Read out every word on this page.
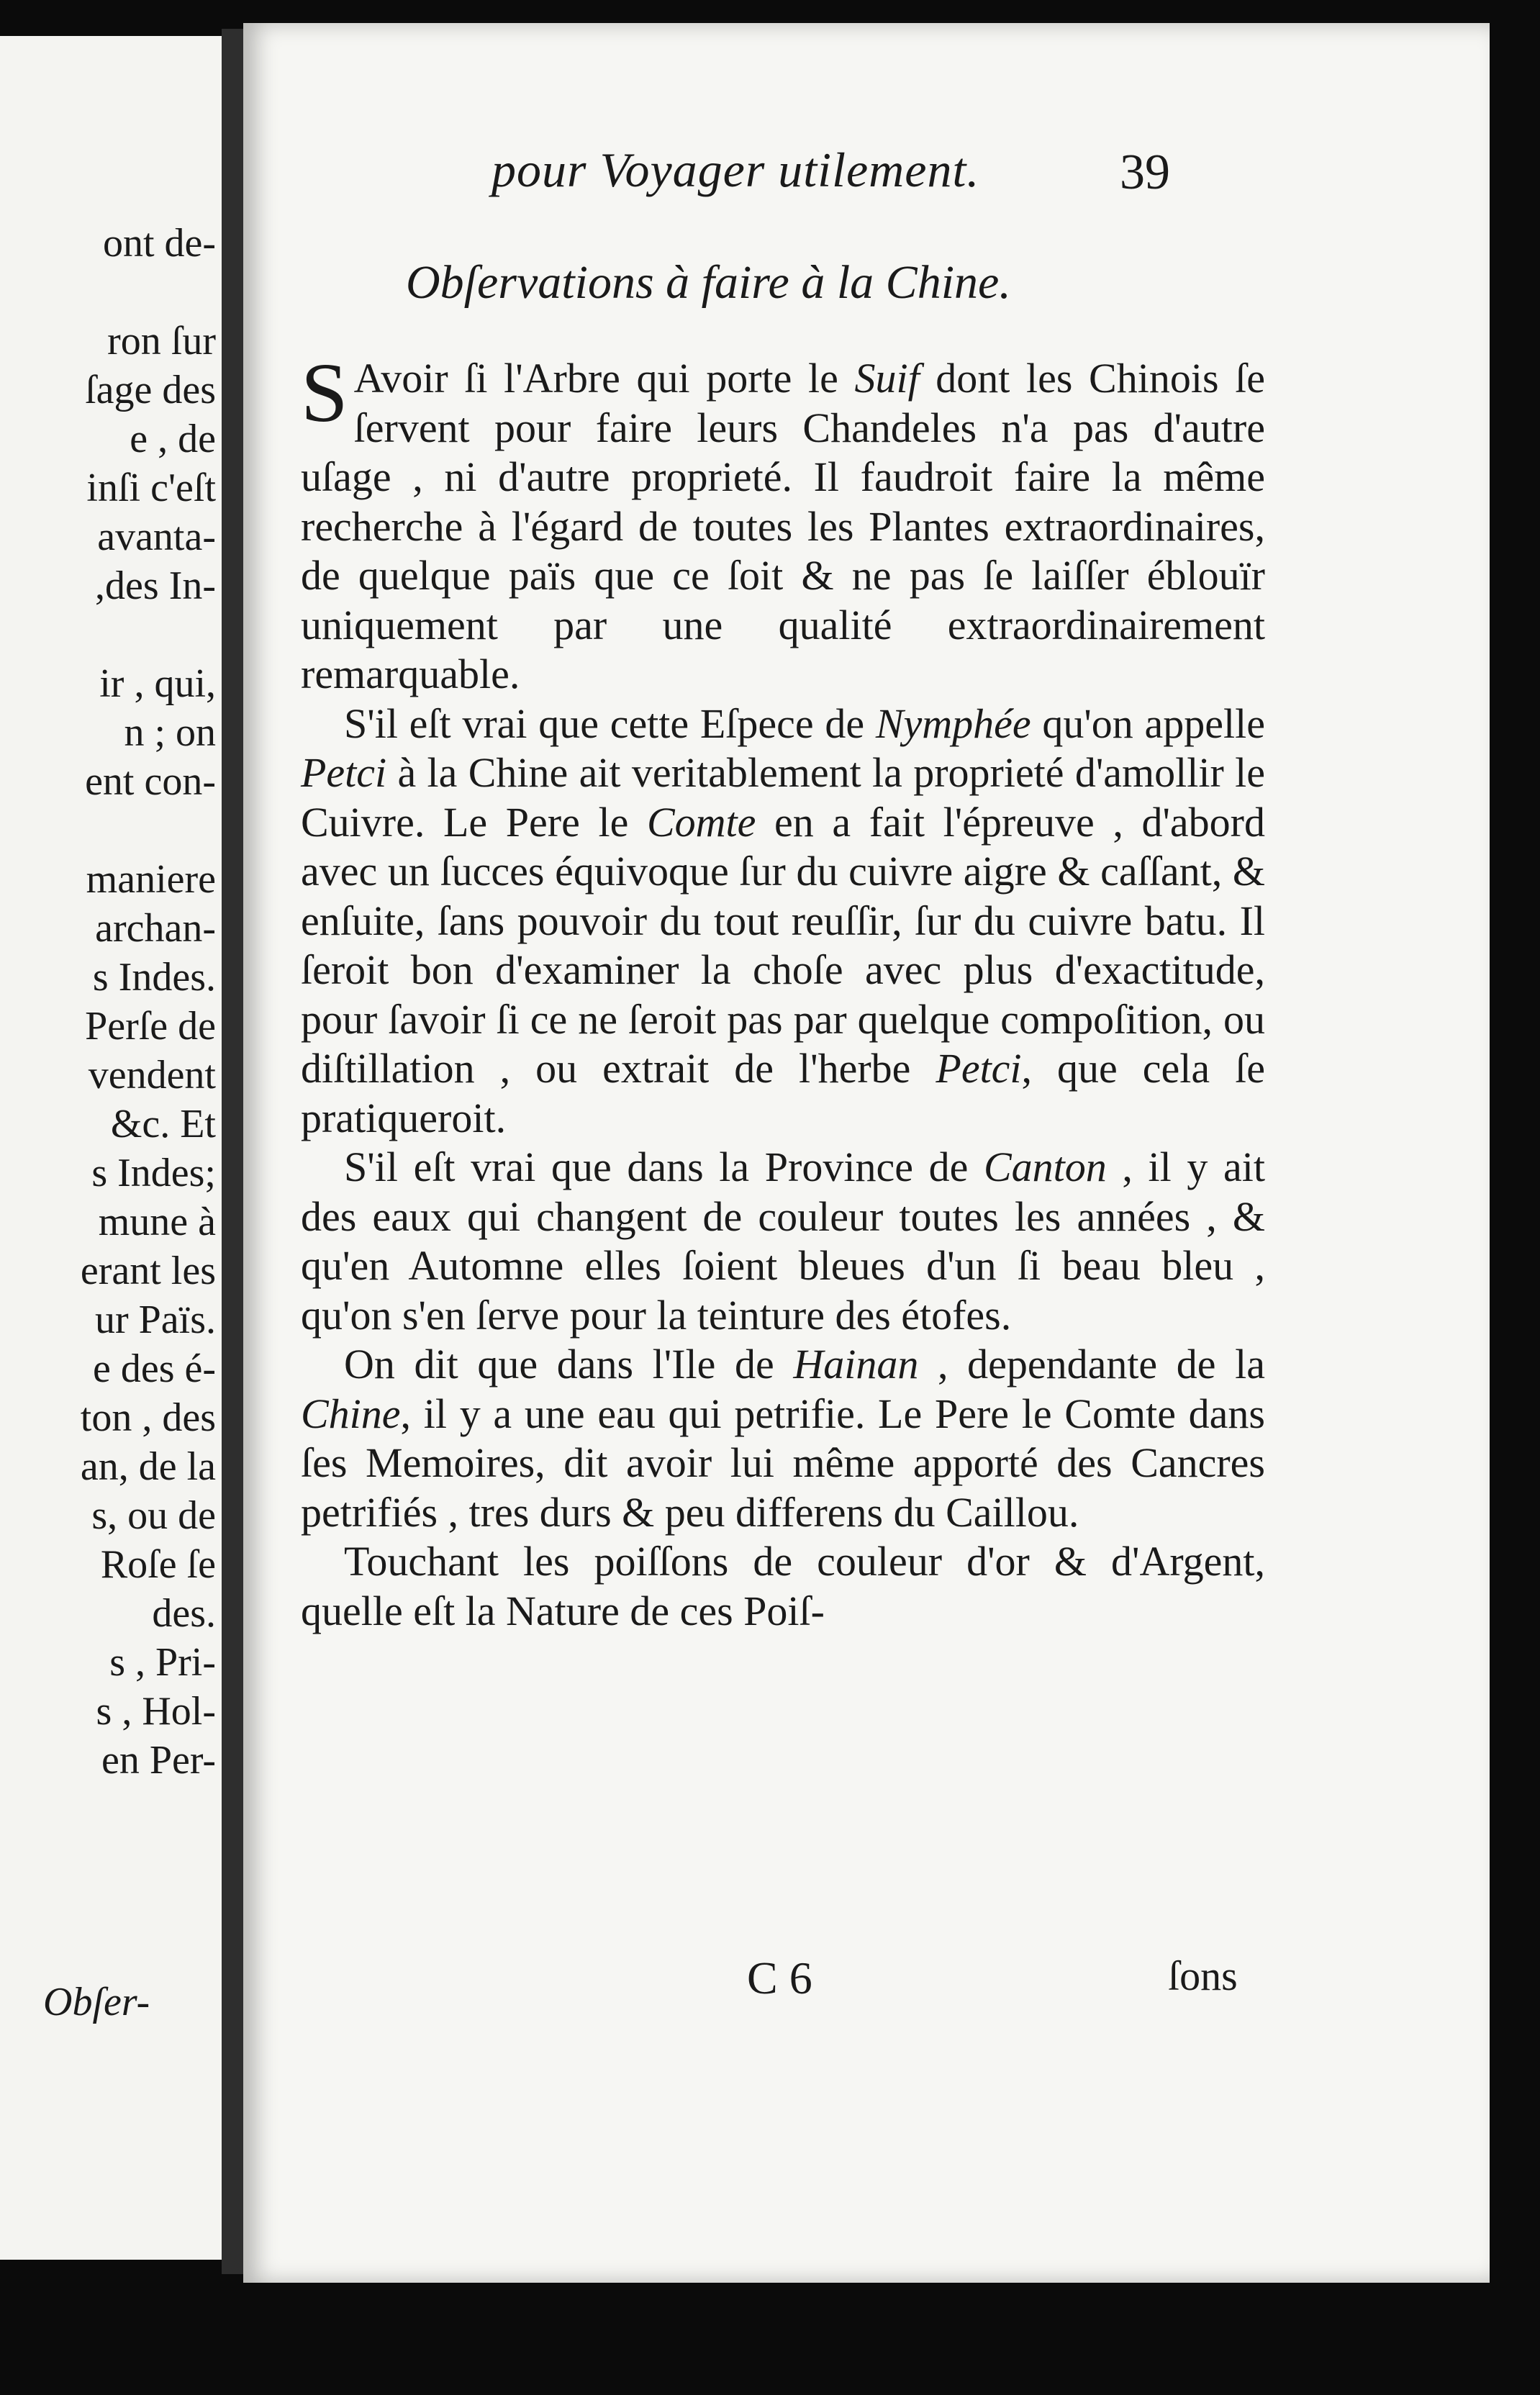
ont de-
ron ſur
ſage des
e , de
inſi c'eſt
avanta-
,des In-
ir , qui,
n ; on
ent con-
maniere
archan-
s Indes.
Perſe de
vendent
&c. Et
s Indes;
mune à
erant les
ur Païs.
e des é-
ton , des
an, de la
s, ou de
Roſe ſe
des.
s , Pri-
s , Hol-
en Per-
Obſer-
pour Voyager utilement.	39
Obſervations à faire à la Chine.

S Avoir ſi l'Arbre qui porte le Suif dont les Chinois ſe ſervent pour faire leurs Chandeles n'a pas d'autre uſage , ni d'autre proprieté. Il faudroit faire la même recherche à l'égard de toutes les Plantes extraordinaires, de quelque païs que ce ſoit & ne pas ſe laiſſer éblouïr uniquement par une qualité extraordinairement remarquable.

S'il eſt vrai que cette Eſpece de Nymphée qu'on appelle Petci à la Chine ait veritablement la proprieté d'amollir le Cuivre. Le Pere le Comte en a fait l'épreuve , d'abord avec un ſucces équivoque ſur du cuivre aigre & caſſant, & enſuite, ſans pouvoir du tout reuſſir, ſur du cuivre batu. Il ſeroit bon d'examiner la choſe avec plus d'exactitude, pour ſavoir ſi ce ne ſeroit pas par quelque compoſition, ou diſtillation , ou extrait de l'herbe Petci, que cela ſe pratiqueroit.

S'il eſt vrai que dans la Province de Canton , il y ait des eaux qui changent de couleur toutes les années , & qu'en Automne elles ſoient bleues d'un ſi beau bleu , qu'on s'en ſerve pour la teinture des étofes.

On dit que dans l'Ile de Hainan , dependante de la Chine, il y a une eau qui petrifie. Le Pere le Comte dans ſes Memoires, dit avoir lui même apporté des Cancres petrifiés , tres durs & peu differens du Caillou.

Touchant les poiſſons de couleur d'or & d'Argent, quelle eſt la Nature de ces Poiſ-

C 6	ſons
